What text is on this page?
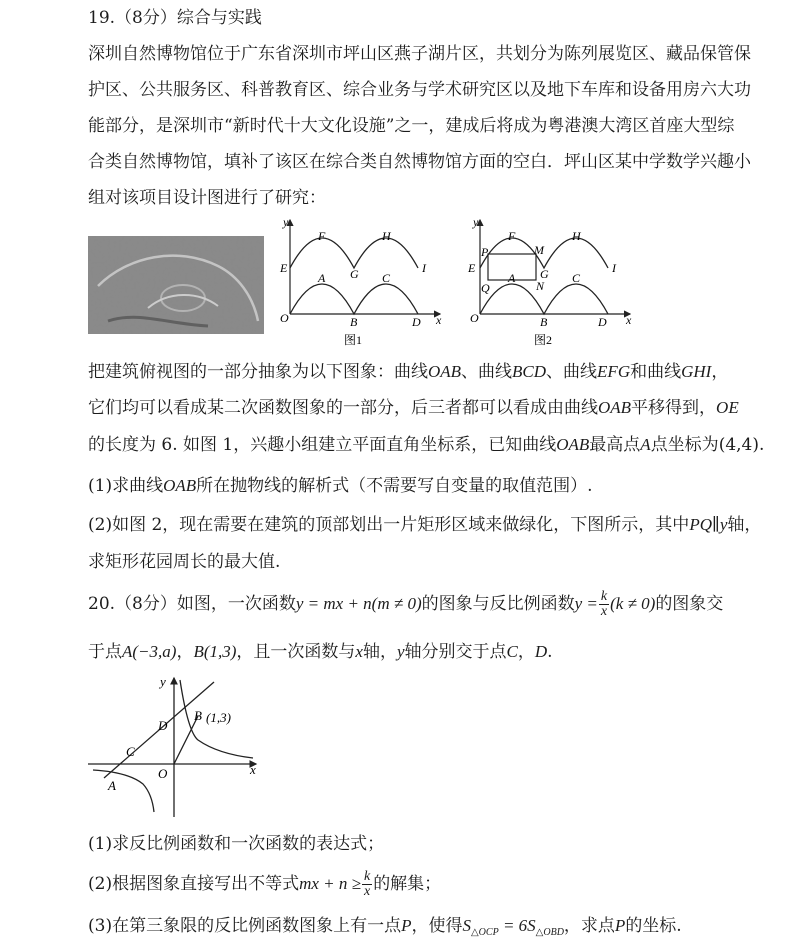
19.（8分）综合与实践
深圳自然博物馆位于广东省深圳市坪山区燕子湖片区，共划分为陈列展览区、藏品保管保
护区、公共服务区、科普教育区、综合业务与学术研究区以及地下车库和设备用房六大功
能部分，是深圳市“新时代十大文化设施”之一，建成后将成为粤港澳大湾区首座大型综
合类自然博物馆，填补了该区在综合类自然博物馆方面的空白．坪山区某中学数学兴趣小
组对该项目设计图进行了研究：
y
x
O
E
F
G
H
I
A	C
B	D
图1
y
x
O
E
P
Q
F
M
G
N
H
I
A	C
B	D
图2
把建筑俯视图的一部分抽象为以下图象：曲线OAB、曲线BCD、曲线EFG和曲线GHI，
它们均可以看成某二次函数图象的一部分，后三者都可以看成由曲线OAB平移得到，OE
的长度为 6. 如图 1，兴趣小组建立平面直角坐标系，已知曲线OAB最高点A点坐标为(4,4).
(1)求曲线OAB所在抛物线的解析式（不需要写自变量的取值范围）.
(2)如图 2，现在需要在建筑的顶部划出一片矩形区域来做绿化，下图所示，其中PQ∥y轴，
求矩形花园周长的最大值.
20.（8分）如图，一次函数y = mx + n(m ≠ 0)的图象与反比例函数$y = \frac{k}{x} (k \ne 0)$的图象交
于点A(−3,a)，B(1,3)，且一次函数与x轴，y轴分别交于点C，D.
y
x
O
D
C
A
B (1,3)
(1)求反比例函数和一次函数的表达式；
(2)根据图象直接写出不等式mx + $n \ge \frac{k}{x}$ 的解集；
(3)在第三象限的反比例函数图象上有一点P，使得$S_{\triangle OCP} = 6S_{\triangle OBD}$，求点P的坐标.
